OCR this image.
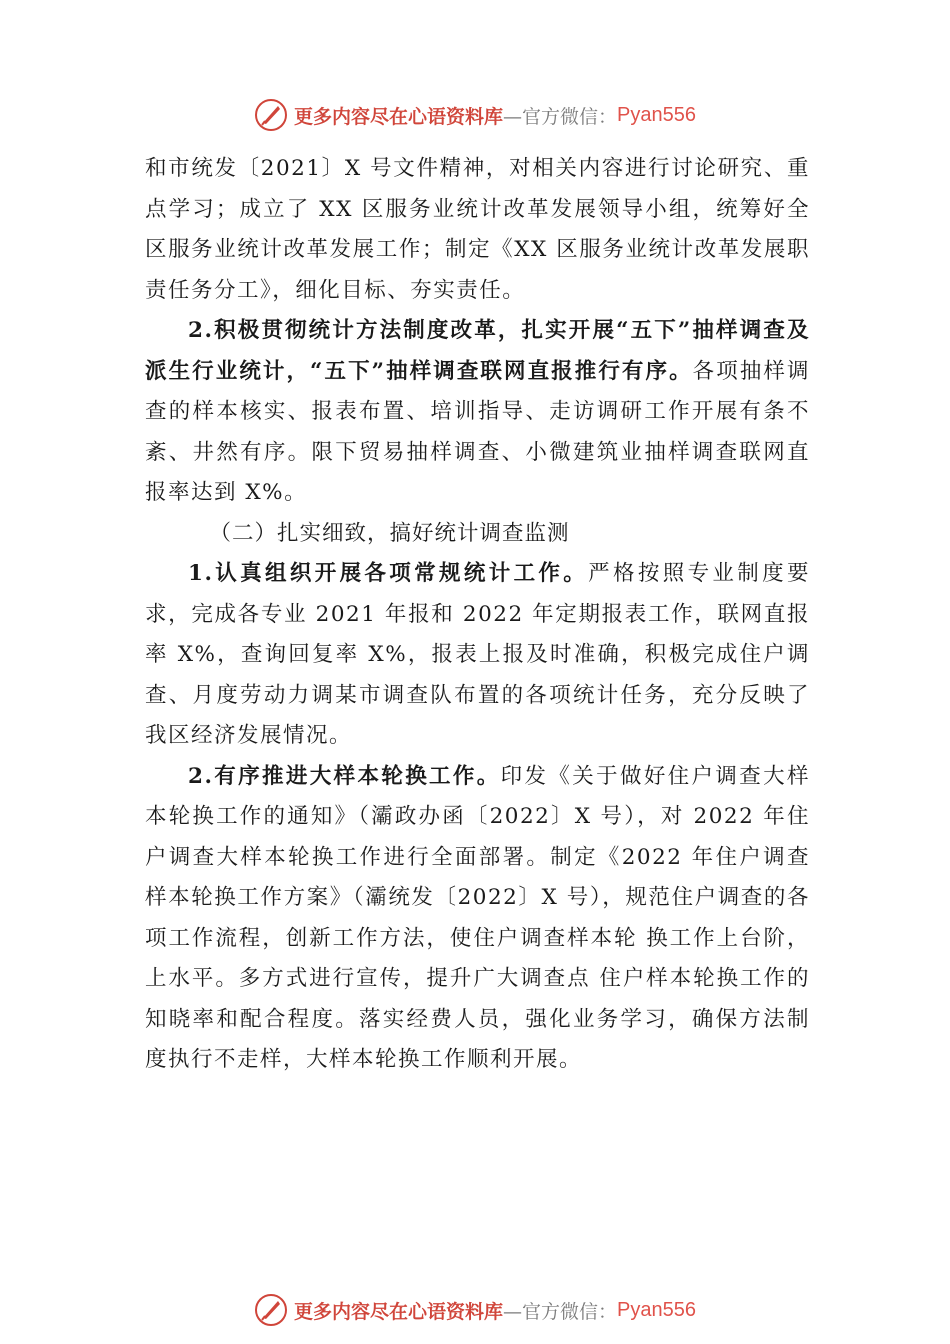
更多内容尽在心语资料库 —官方微信： Pyan556

和市统发〔2021〕X 号文件精神，对相关内容进行讨论研究、重点学习；成立了 XX 区服务业统计改革发展领导小组，统筹好全区服务业统计改革发展工作；制定《XX 区服务业统计改革发展职责任务分工》，细化目标、夯实责任。

2.积极贯彻统计方法制度改革，扎实开展“五下”抽样调查及派生行业统计，“五下”抽样调查联网直报推行有序。各项抽样调查的样本核实、报表布置、培训指导、走访调研工作开展有条不紊、井然有序。限下贸易抽样调查、小微建筑业抽样调查联网直报率达到 X%。

（二）扎实细致，搞好统计调查监测

1.认真组织开展各项常规统计工作。严格按照专业制度要求，完成各专业 2021 年报和 2022 年定期报表工作，联网直报率 X%，查询回复率 X%，报表上报及时准确，积极完成住户调查、月度劳动力调某市调查队布置的各项统计任务，充分反映了我区经济发展情况。

2.有序推进大样本轮换工作。印发《关于做好住户调查大样本轮换工作的通知》（灞政办函〔2022〕X 号），对 2022 年住户调查大样本轮换工作进行全面部署。制定《2022 年住户调查样本轮换工作方案》（灞统发〔2022〕X 号），规范住户调查的各项工作流程，创新工作方法，使住户调查样本轮 换工作上台阶，上水平。多方式进行宣传，提升广大调查点 住户样本轮换工作的知晓率和配合程度。落实经费人员，强化业务学习，确保方法制度执行不走样，大样本轮换工作顺利开展。

更多内容尽在心语资料库 —官方微信： Pyan556
